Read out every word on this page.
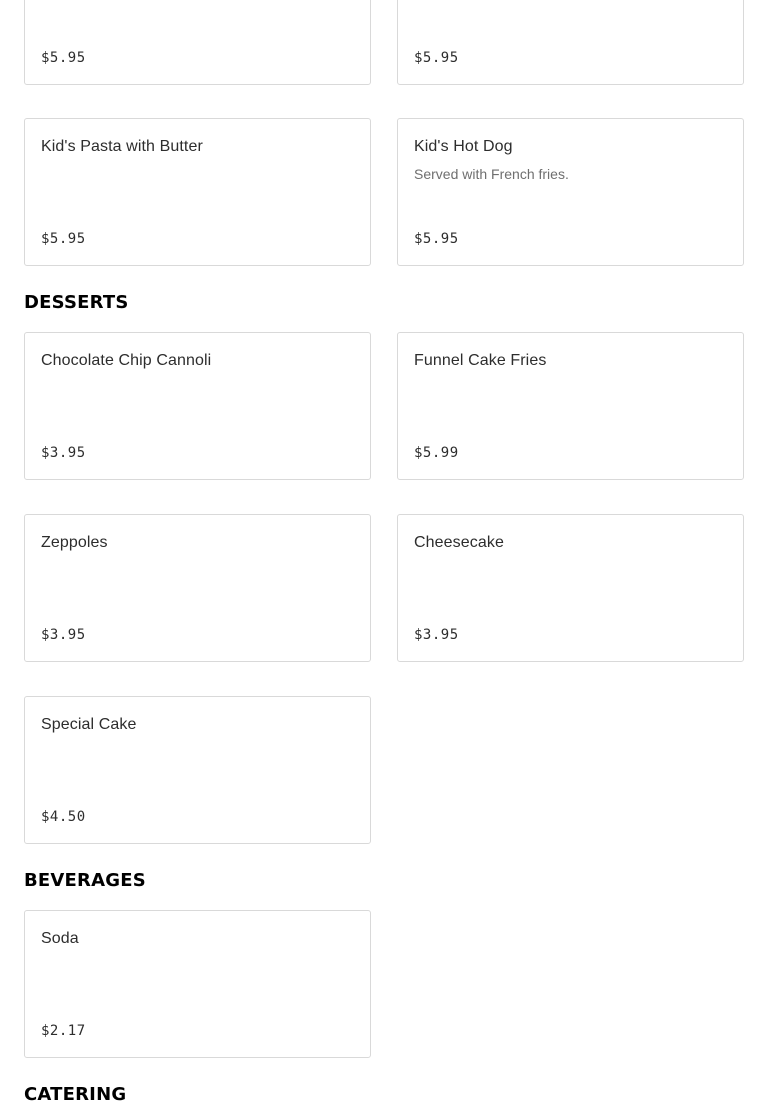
$5.95	$5.95
Kid's Pasta with Butter
$5.95
Kid's Hot Dog
Served with French fries.
$5.95
DESSERTS
Chocolate Chip Cannoli
$3.95
Funnel Cake Fries
$5.99
Zeppoles
$3.95
Cheesecake
$3.95
Special Cake
$4.50
BEVERAGES
Soda
$2.17
CATERING
